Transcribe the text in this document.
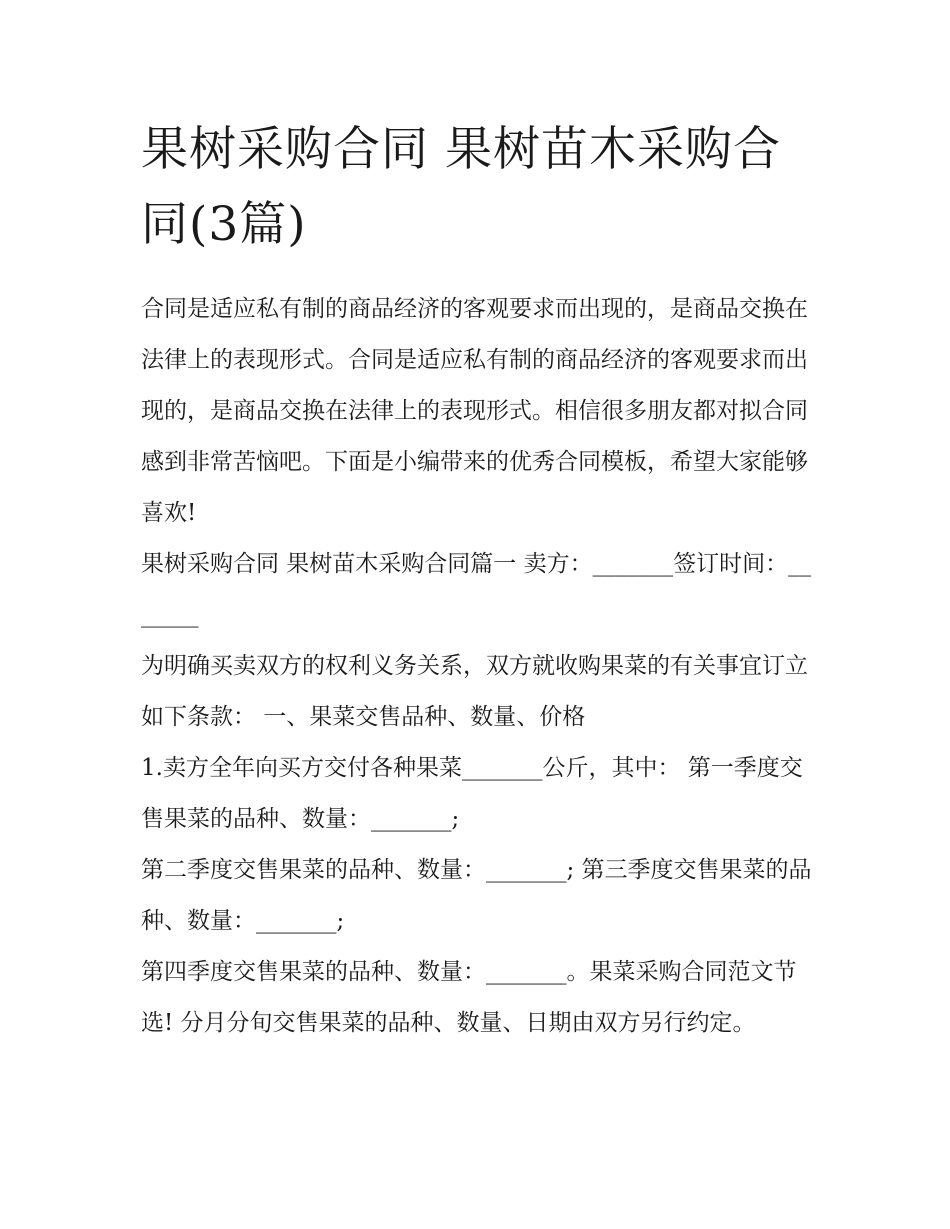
果树采购合同 果树苗木采购合同(3篇)

合同是适应私有制的商品经济的客观要求而出现的，是商品交换在法律上的表现形式。合同是适应私有制的商品经济的客观要求而出现的，是商品交换在法律上的表现形式。相信很多朋友都对拟合同感到非常苦恼吧。下面是小编带来的优秀合同模板，希望大家能够喜欢!

果树采购合同 果树苗木采购合同篇一 卖方：_______签订时间：_______

为明确买卖双方的权利义务关系，双方就收购果菜的有关事宜订立如下条款： 一、果菜交售品种、数量、价格

1.卖方全年向买方交付各种果菜_______公斤，其中： 第一季度交售果菜的品种、数量：_______;

第二季度交售果菜的品种、数量：_______; 第三季度交售果菜的品种、数量：_______;

第四季度交售果菜的品种、数量：_______。果菜采购合同范文节选! 分月分旬交售果菜的品种、数量、日期由双方另行约定。
